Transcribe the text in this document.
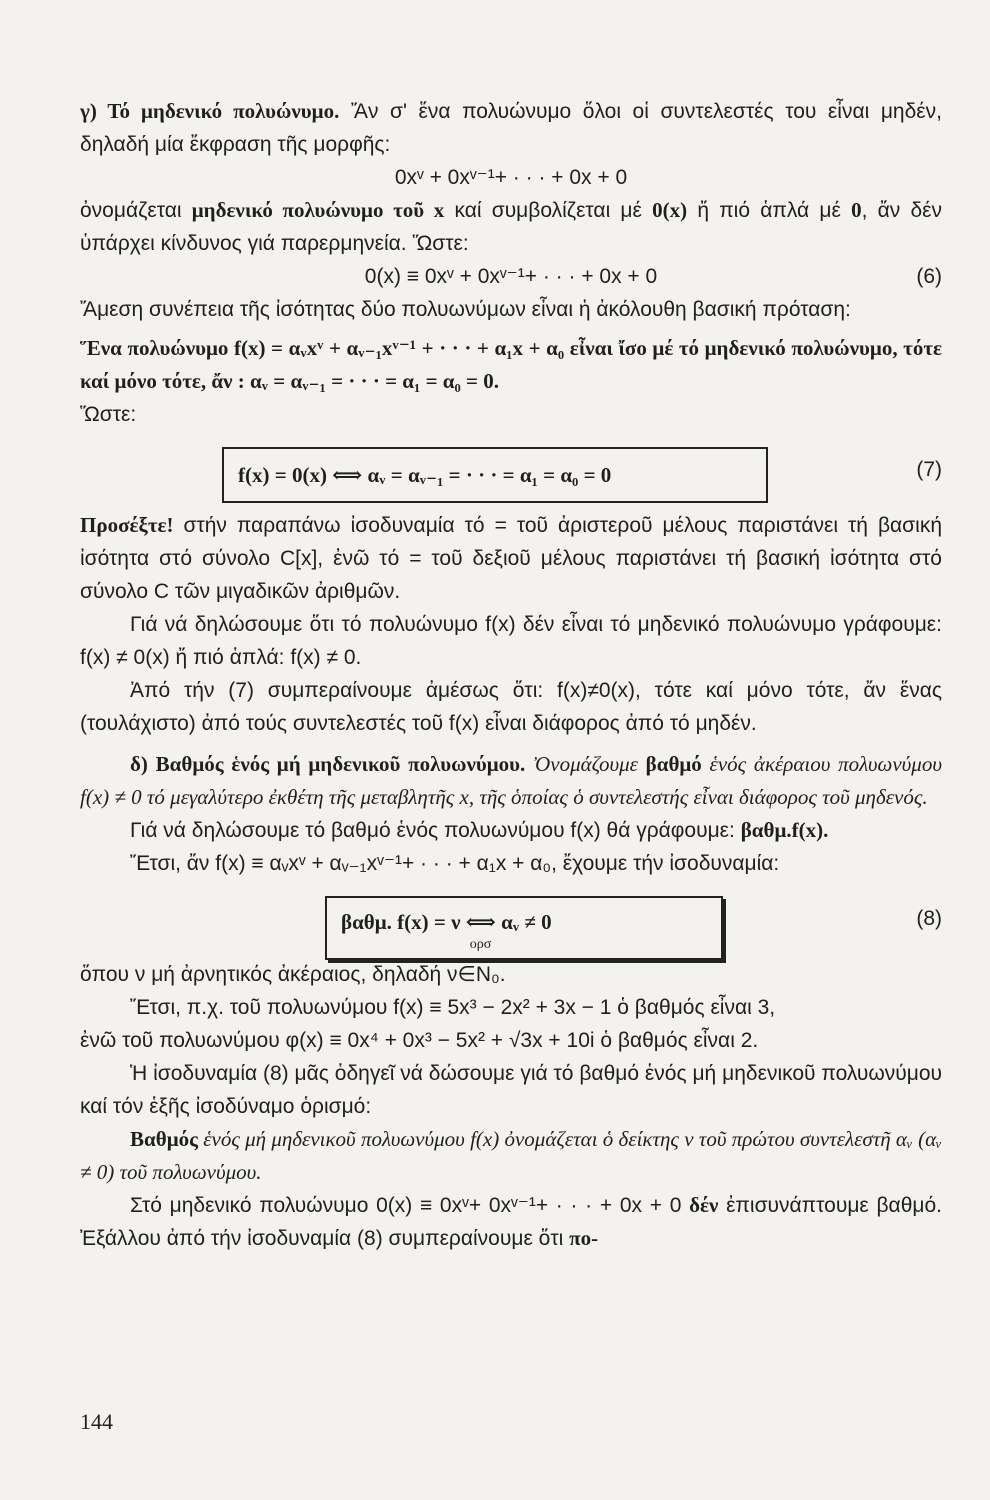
γ) Τό μηδενικό πολυώνυμο. Ἄν σ' ἕνα πολυώνυμο ὅλοι οἱ συντελεστές του εἶναι μηδέν, δηλαδή μία ἔκφραση τῆς μορφῆς:

0xᵛ + 0xᵛ⁻¹+ · · · + 0x + 0

ὀνομάζεται μηδενικό πολυώνυμο τοῦ x καί συμβολίζεται μέ 0(x) ἤ πιό ἁπλά μέ 0, ἄν δέν ὑπάρχει κίνδυνος γιά παρερμηνεία. Ὥστε:

0(x) ≡ 0xᵛ + 0xᵛ⁻¹+ · · · + 0x + 0	(6)

Ἄμεση συνέπεια τῆς ἰσότητας δύο πολυωνύμων εἶναι ἡ ἀκόλουθη βασική πρόταση:

Ἕνα πολυώνυμο f(x) = αᵥxᵛ + αᵥ₋₁xᵛ⁻¹ + · · · + α₁x + α₀ εἶναι ἴσο μέ τό μηδενικό πολυώνυμο, τότε καί μόνο τότε, ἄν : αᵥ = αᵥ₋₁ = · · · = α₁ = α₀ = 0.

Ὥστε:

f(x) = 0(x) ⟺ αᵥ = αᵥ₋₁ = · · · = α₁ = α₀ = 0	(7)

Προσέξτε! στήν παραπάνω ἰσοδυναμία τό = τοῦ ἀριστεροῦ μέλους παριστάνει τή βασική ἰσότητα στό σύνολο C[x], ἐνῶ τό = τοῦ δεξιοῦ μέλους παριστάνει τή βασική ἰσότητα στό σύνολο C τῶν μιγαδικῶν ἀριθμῶν.

Γιά νά δηλώσουμε ὅτι τό πολυώνυμο f(x) δέν εἶναι τό μηδενικό πολυώνυμο γράφουμε: f(x) ≠ 0(x) ἤ πιό ἁπλά: f(x) ≠ 0.

Ἀπό τήν (7) συμπεραίνουμε ἀμέσως ὅτι: f(x)≠0(x), τότε καί μόνο τότε, ἄν ἕνας (τουλάχιστο) ἀπό τούς συντελεστές τοῦ f(x) εἶναι διάφορος ἀπό τό μηδέν.

δ) Βαθμός ἑνός μή μηδενικοῦ πολυωνύμου. Ὀνομάζουμε βαθμό ἑνός ἀκέραιου πολυωνύμου f(x) ≠ 0 τό μεγαλύτερο ἐκθέτη τῆς μεταβλητῆς x, τῆς ὁποίας ὁ συντελεστής εἶναι διάφορος τοῦ μηδενός.

Γιά νά δηλώσουμε τό βαθμό ἑνός πολυωνύμου f(x) θά γράφουμε: βαθμ.f(x).

Ἔτσι, ἄν f(x) ≡ αᵥxᵛ + αᵥ₋₁xᵛ⁻¹+ · · · + α₁x + α₀, ἔχουμε τήν ἰσοδυναμία:

βαθμ. f(x) = ν ⟺
ορσ
αᵥ ≠ 0	(8)

ὅπου ν μή ἀρνητικός ἀκέραιος, δηλαδή ν∈N₀.

Ἔτσι, π.χ. τοῦ πολυωνύμου f(x) ≡ 5x³ − 2x² + 3x − 1 ὁ βαθμός εἶναι 3,

ἐνῶ τοῦ πολυωνύμου φ(x) ≡ 0x⁴ + 0x³ − 5x² + √3x + 10i ὁ βαθμός εἶναι 2.

Ἡ ἰσοδυναμία (8) μᾶς ὁδηγεῖ νά δώσουμε γιά τό βαθμό ἑνός μή μηδενικοῦ πολυωνύμου καί τόν ἑξῆς ἰσοδύναμο ὁρισμό:

Βαθμός ἑνός μή μηδενικοῦ πολυωνύμου f(x) ὀνομάζεται ὁ δείκτης ν τοῦ πρώτου συντελεστῆ αᵥ (αᵥ ≠ 0) τοῦ πολυωνύμου.

Στό μηδενικό πολυώνυμο 0(x) ≡ 0xᵛ+ 0xᵛ⁻¹+ · · · + 0x + 0 δέν ἐπισυνάπτουμε βαθμό. Ἐξάλλου ἀπό τήν ἰσοδυναμία (8) συμπεραίνουμε ὅτι πο-

144
